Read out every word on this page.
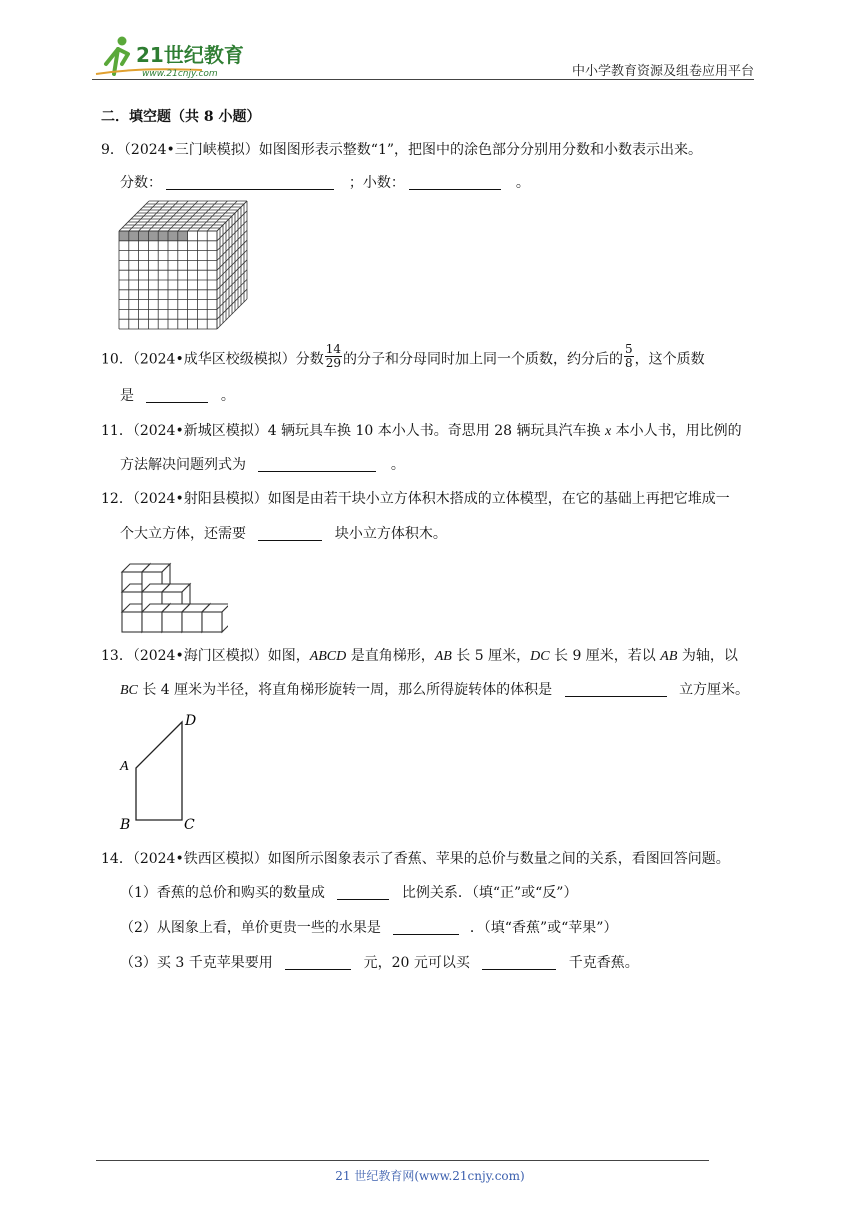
21世纪教育
www.21cnjy.com	中小学教育资源及组卷应用平台
二．填空题（共 8 小题）
9．（2024•三门峡模拟）如图图形表示整数“1”，把图中的涂色部分分别用分数和小数表示出来。
分数：	；小数：	。
10．（2024•成华区校级模拟）分数 $\frac{14}{29}$ 的分子和分母同时加上同一个质数，约分后的 $\frac{5}{8}$ ，这个质数
是	。
11．（2024•新城区模拟）4 辆玩具车换 10 本小人书。奇思用 28 辆玩具汽车换 x 本小人书，用比例的
方法解决问题列式为	。
12．（2024•射阳县模拟）如图是由若干块小立方体积木搭成的立体模型，在它的基础上再把它堆成一
个大立方体，还需要	块小立方体积木。
13．（2024•海门区模拟）如图，ABCD 是直角梯形，AB 长 5 厘米，DC 长 9 厘米，若以 AB 为轴，以
BC 长 4 厘米为半径，将直角梯形旋转一周，那么所得旋转体的体积是	立方厘米。
A
B	C
D
14．（2024•铁西区模拟）如图所示图象表示了香蕉、苹果的总价与数量之间的关系，看图回答问题。
（1）香蕉的总价和购买的数量成	比例关系．（填“正”或“反”）
（2）从图象上看，单价更贵一些的水果是	．（填“香蕉”或“苹果”）
（3）买 3 千克苹果要用	元，20 元可以买	千克香蕉。
21 世纪教育网(www.21cnjy.com)
